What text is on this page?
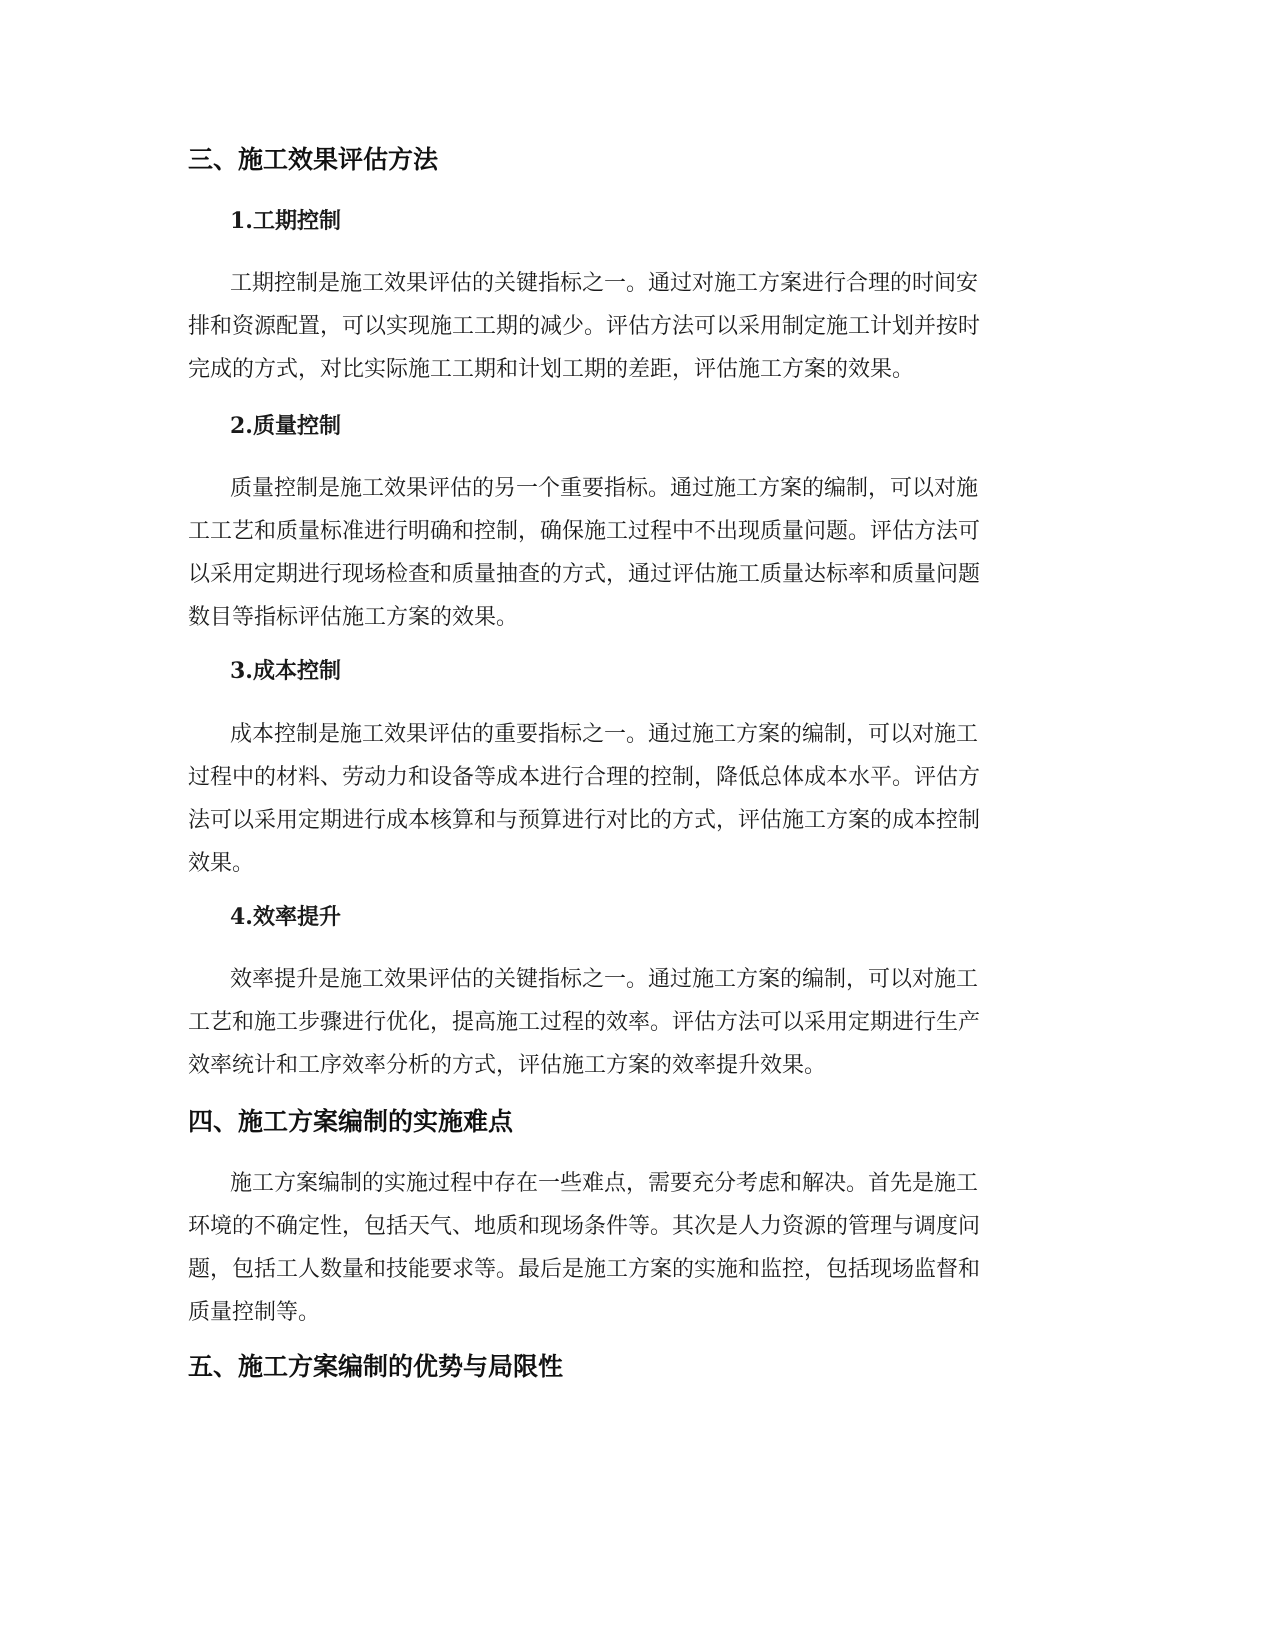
三、施工效果评估方法
1.工期控制
工期控制是施工效果评估的关键指标之一。通过对施工方案进行合理的时间安
排和资源配置，可以实现施工工期的减少。评估方法可以采用制定施工计划并按时
完成的方式，对比实际施工工期和计划工期的差距，评估施工方案的效果。
2.质量控制
质量控制是施工效果评估的另一个重要指标。通过施工方案的编制，可以对施
工工艺和质量标准进行明确和控制，确保施工过程中不出现质量问题。评估方法可
以采用定期进行现场检查和质量抽查的方式，通过评估施工质量达标率和质量问题
数目等指标评估施工方案的效果。
3.成本控制
成本控制是施工效果评估的重要指标之一。通过施工方案的编制，可以对施工
过程中的材料、劳动力和设备等成本进行合理的控制，降低总体成本水平。评估方
法可以采用定期进行成本核算和与预算进行对比的方式，评估施工方案的成本控制
效果。
4.效率提升
效率提升是施工效果评估的关键指标之一。通过施工方案的编制，可以对施工
工艺和施工步骤进行优化，提高施工过程的效率。评估方法可以采用定期进行生产
效率统计和工序效率分析的方式，评估施工方案的效率提升效果。
四、施工方案编制的实施难点
施工方案编制的实施过程中存在一些难点，需要充分考虑和解决。首先是施工
环境的不确定性，包括天气、地质和现场条件等。其次是人力资源的管理与调度问
题，包括工人数量和技能要求等。最后是施工方案的实施和监控，包括现场监督和
质量控制等。
五、施工方案编制的优势与局限性
